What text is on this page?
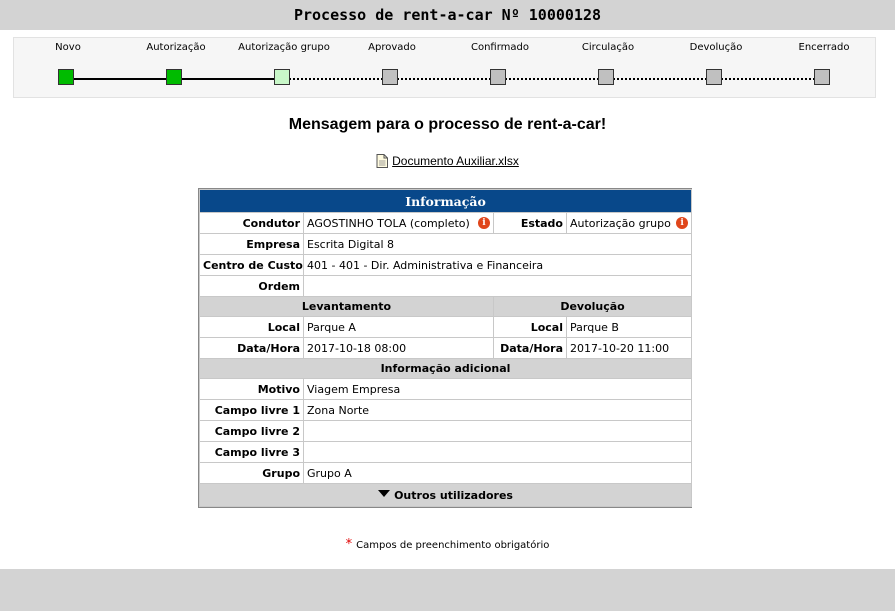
Processo de rent-a-car Nº 10000128
Novo	Autorização	Autorização grupo	Aprovado	Confirmado	Circulação	Devolução	Encerrado
Mensagem para o processo de rent-a-car!
Documento Auxiliar.xlsx
Informação			
Condutor	AGOSTINHO TOLA (completo) i	Estado	Autorização grupo i

Empresa	Escrita Digital 8		
Centro de Custo	401 - 401 - Dir. Administrativa e Financeira		
Ordem			
Levantamento		Devolução	
Local	Parque A	Local	Parque B
Data/Hora	2017-10-18 08:00	Data/Hora	2017-10-20 11:00
Informação adicional			
Motivo	Viagem Empresa		
Campo livre 1	Zona Norte		
Campo livre 2			
Campo livre 3			
Grupo	Grupo A		
Outros utilizadores			
* Campos de preenchimento obrigatório
